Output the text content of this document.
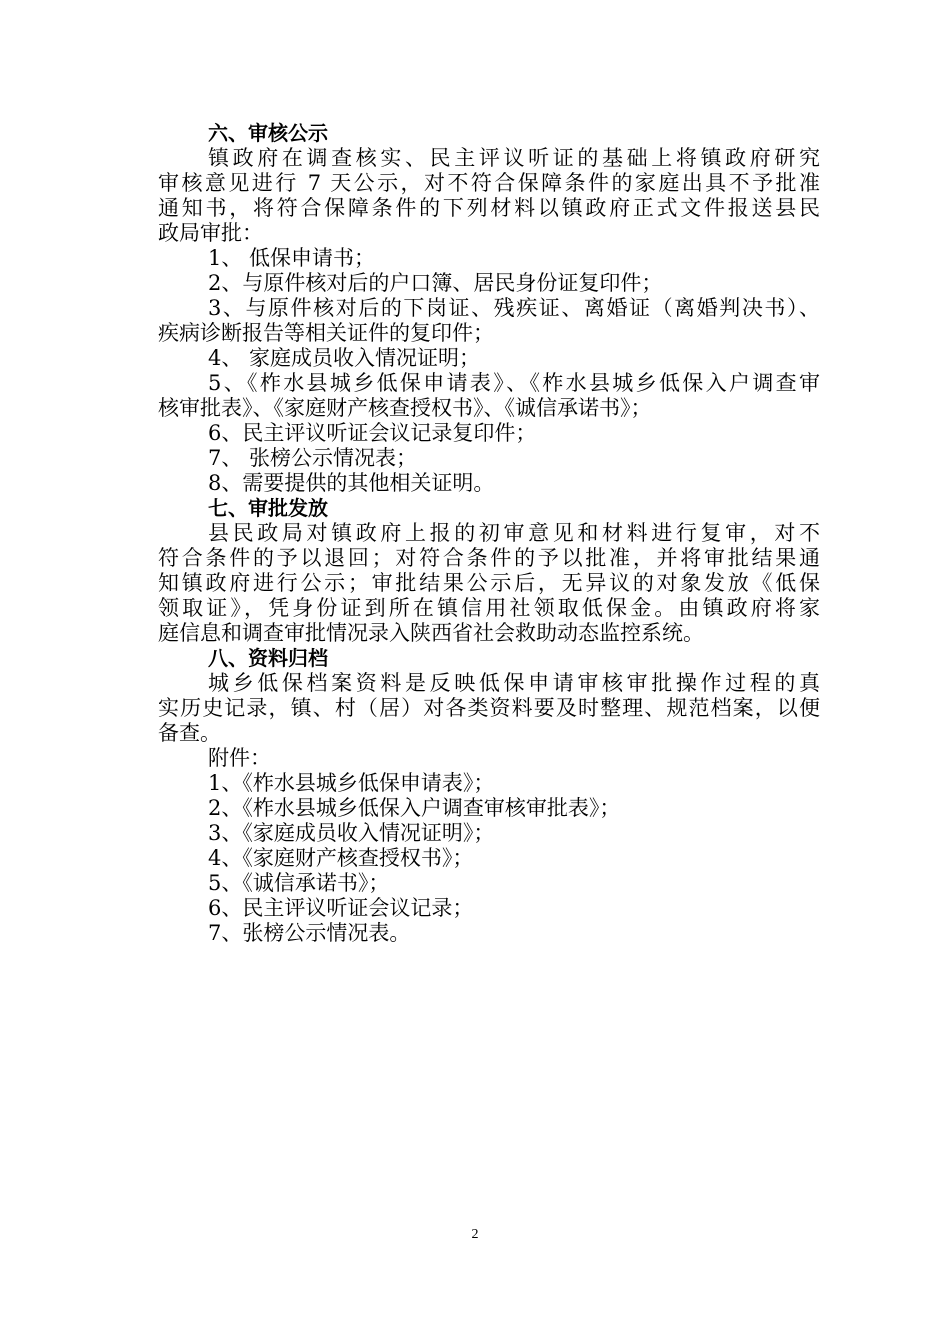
六、审核公示
镇政府在调查核实、民主评议听证的基础上将镇政府研究
审核意见进行 7 天公示，对不符合保障条件的家庭出具不予批准
通知书，将符合保障条件的下列材料以镇政府正式文件报送县民
政局审批：
1、 低保申请书；
2、与原件核对后的户口簿、居民身份证复印件；
3、与原件核对后的下岗证、残疾证、离婚证（离婚判决书）、
疾病诊断报告等相关证件的复印件；
4、 家庭成员收入情况证明；
5、《柞水县城乡低保申请表》、《柞水县城乡低保入户调查审
核审批表》、《家庭财产核查授权书》、《诚信承诺书》；
6、民主评议听证会议记录复印件；
7、 张榜公示情况表；
8、需要提供的其他相关证明。
七、审批发放
县民政局对镇政府上报的初审意见和材料进行复审，对不
符合条件的予以退回；对符合条件的予以批准，并将审批结果通
知镇政府进行公示；审批结果公示后，无异议的对象发放《低保
领取证》，凭身份证到所在镇信用社领取低保金。由镇政府将家
庭信息和调查审批情况录入陕西省社会救助动态监控系统。
八、资料归档
城乡低保档案资料是反映低保申请审核审批操作过程的真
实历史记录，镇、村（居）对各类资料要及时整理、规范档案，以便
备查。
附件：
1、《柞水县城乡低保申请表》；
2、《柞水县城乡低保入户调查审核审批表》；
3、《家庭成员收入情况证明》；
4、《家庭财产核查授权书》；
5、《诚信承诺书》；
6、民主评议听证会议记录；
7、张榜公示情况表。
2
